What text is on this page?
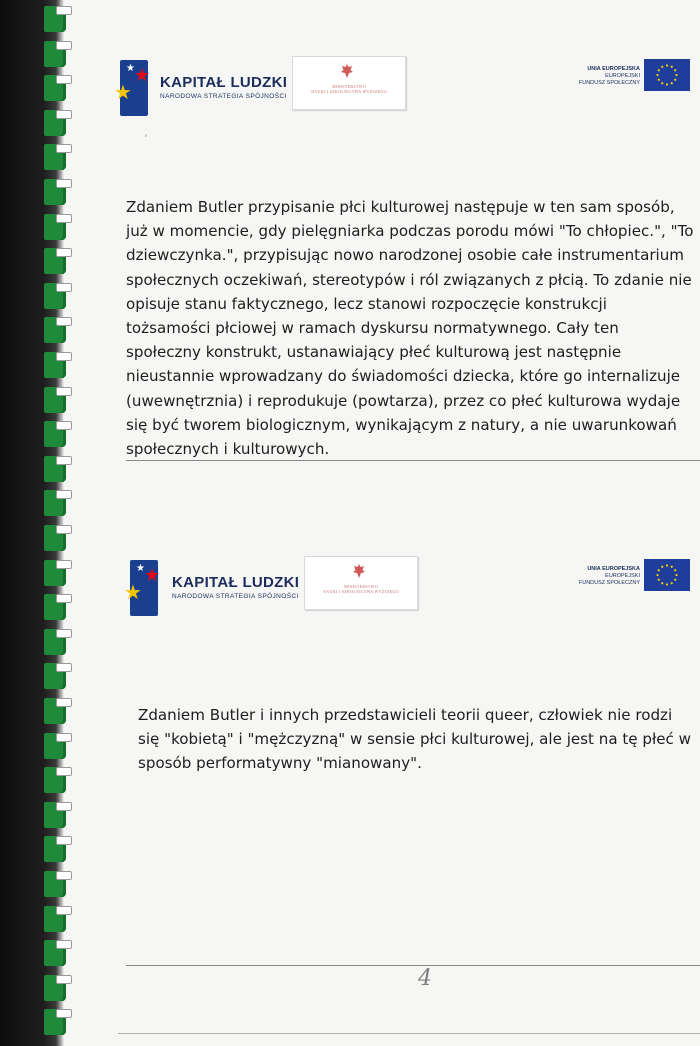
★ ★
★ KAPITAŁ LUDZKI
NARODOWA STRATEGIA SPÓJNOŚCI
MINISTERSTWO
NAUKI I SZKOLNICTWA WYŻSZEGO
UNIA EUROPEJSKA
EUROPEJSKI
FUNDUSZ SPOŁECZNY
ʼ

Zdaniem Butler przypisanie płci kulturowej następuje w ten sam sposób, już w momencie, gdy pielęgniarka podczas porodu mówi "To chłopiec.", "To dziewczynka.", przypisując nowo narodzonej osobie całe instrumentarium społecznych oczekiwań, stereotypów i ról związanych z płcią. To zdanie nie opisuje stanu faktycznego, lecz stanowi rozpoczęcie konstrukcji tożsamości płciowej w ramach dyskursu normatywnego. Cały ten społeczny konstrukt, ustanawiający płeć kulturową jest następnie nieustannie wprowadzany do świadomości dziecka, które go internalizuje (uwewnętrznia) i reprodukuje (powtarza), przez co płeć kulturowa wydaje się być tworem biologicznym, wynikającym z natury, a nie uwarunkowań społecznych i kulturowych.

★ ★
★ KAPITAŁ LUDZKI
NARODOWA STRATEGIA SPÓJNOŚCI
MINISTERSTWO
NAUKI I SZKOLNICTWA WYŻSZEGO
UNIA EUROPEJSKA
EUROPEJSKI
FUNDUSZ SPOŁECZNY

Zdaniem Butler i innych przedstawicieli teorii queer, człowiek nie rodzi się "kobietą" i "mężczyzną" w sensie płci kulturowej, ale jest na tę płeć w sposób performatywny "mianowany".

4
